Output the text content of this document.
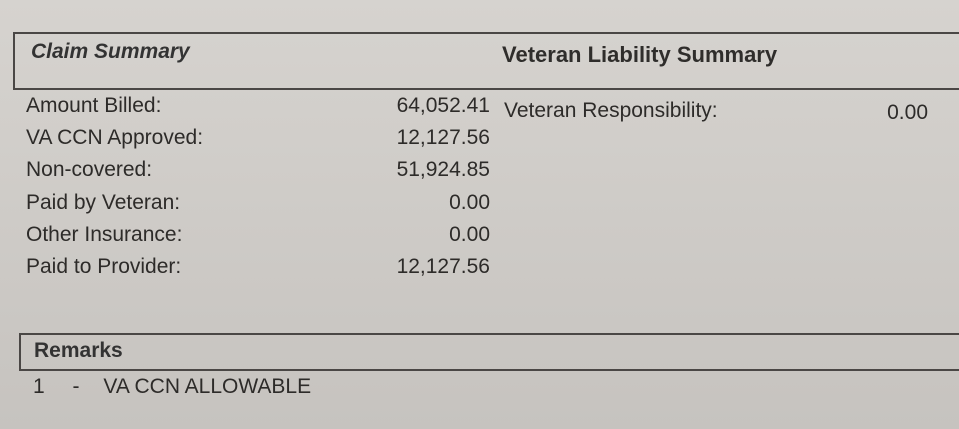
Claim Summary	Veteran Liability Summary
Amount Billed:	64,052.41
VA CCN Approved:	12,127.56
Non-covered:	51,924.85
Paid by Veteran:	0.00
Other Insurance:	0.00
Paid to Provider:	12,127.56
Veteran Responsibility:	0.00
Remarks
1 - VA CCN ALLOWABLE
